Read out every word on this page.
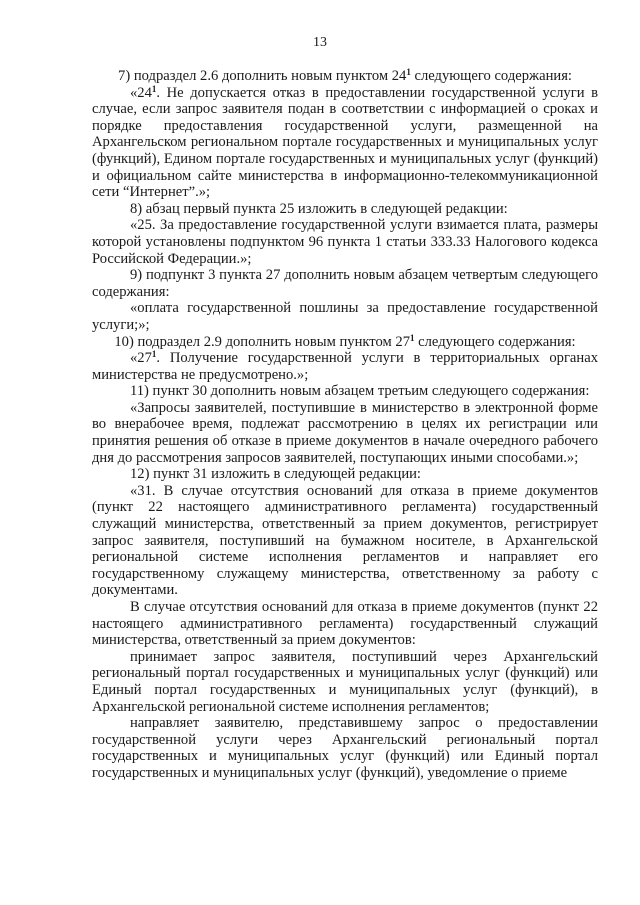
13

7) подраздел 2.6 дополнить новым пунктом $24^1$ следующего содержания:

«$24^1$. Не допускается отказ в предоставлении государственной услуги в случае, если запрос заявителя подан в соответствии с информацией о сроках и порядке предоставления государственной услуги, размещенной на Архангельском региональном портале государственных и муниципальных услуг (функций), Едином портале государственных и муниципальных услуг (функций) и официальном сайте министерства в информационно-телекоммуникационной сети “Интернет”.»;

8) абзац первый пункта 25 изложить в следующей редакции:

«25. За предоставление государственной услуги взимается плата, размеры которой установлены подпунктом 96 пункта 1 статьи 333.33 Налогового кодекса Российской Федерации.»;

9) подпункт 3 пункта 27 дополнить новым абзацем четвертым следующего содержания:

«оплата государственной пошлины за предоставление государственной услуги;»;

10) подраздел 2.9 дополнить новым пунктом $27^1$ следующего содержания:

«$27^1$. Получение государственной услуги в территориальных органах министерства не предусмотрено.»;

11) пункт 30 дополнить новым абзацем третьим следующего содержания:

«Запросы заявителей, поступившие в министерство в электронной форме во внерабочее время, подлежат рассмотрению в целях их регистрации или принятия решения об отказе в приеме документов в начале очередного рабочего дня до рассмотрения запросов заявителей, поступающих иными способами.»;

12) пункт 31 изложить в следующей редакции:

«31. В случае отсутствия оснований для отказа в приеме документов (пункт 22 настоящего административного регламента) государственный служащий министерства, ответственный за прием документов, регистрирует запрос заявителя, поступивший на бумажном носителе, в Архангельской региональной системе исполнения регламентов и направляет его государственному служащему министерства, ответственному за работу с документами.

В случае отсутствия оснований для отказа в приеме документов (пункт 22 настоящего административного регламента) государственный служащий министерства, ответственный за прием документов:

принимает запрос заявителя, поступивший через Архангельский региональный портал государственных и муниципальных услуг (функций) или Единый портал государственных и муниципальных услуг (функций), в Архангельской региональной системе исполнения регламентов;

направляет заявителю, представившему запрос о предоставлении государственной услуги через Архангельский региональный портал государственных и муниципальных услуг (функций) или Единый портал государственных и муниципальных услуг (функций), уведомление о приеме
